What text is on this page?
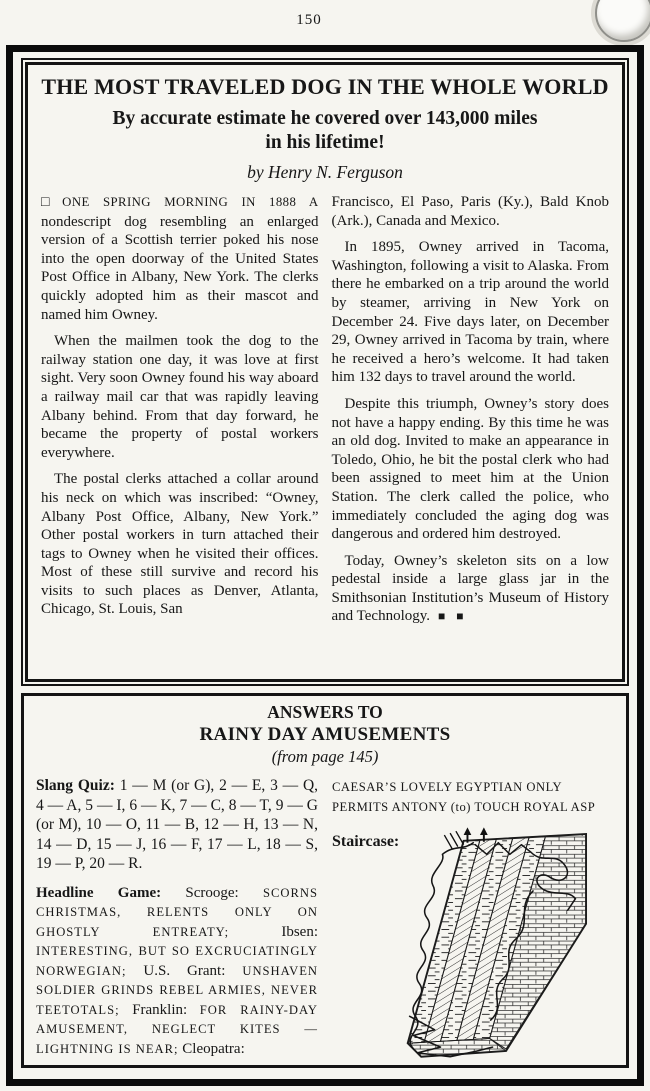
150
THE MOST TRAVELED DOG IN THE WHOLE WORLD
By accurate estimate he covered over 143,000 miles
in his lifetime!
by Henry N. Ferguson

□ ONE SPRING MORNING IN 1888 A nondescript dog resembling an enlarged version of a Scottish terrier poked his nose into the open doorway of the United States Post Office in Albany, New York. The clerks quickly adopted him as their mascot and named him Owney.

When the mailmen took the dog to the railway station one day, it was love at first sight. Very soon Owney found his way aboard a railway mail car that was rapidly leaving Albany behind. From that day forward, he became the property of postal workers everywhere.

The postal clerks attached a collar around his neck on which was inscribed: “Owney, Albany Post Office, Albany, New York.” Other postal workers in turn attached their tags to Owney when he visited their offices. Most of these still survive and record his visits to such places as Denver, Atlanta, Chicago, St. Louis, San

Francisco, El Paso, Paris (Ky.), Bald Knob (Ark.), Canada and Mexico.

In 1895, Owney arrived in Tacoma, Washington, following a visit to Alaska. From there he embarked on a trip around the world by steamer, arriving in New York on December 24. Five days later, on December 29, Owney arrived in Tacoma by train, where he received a hero’s welcome. It had taken him 132 days to travel around the world.

Despite this triumph, Owney’s story does not have a happy ending. By this time he was an old dog. Invited to make an appearance in Toledo, Ohio, he bit the postal clerk who had been assigned to meet him at the Union Station. The clerk called the police, who immediately concluded the aging dog was dangerous and ordered him destroyed.

Today, Owney’s skeleton sits on a low pedestal inside a large glass jar in the Smithsonian Institution’s Museum of History and Technology. ■ ■

ANSWERS TO
RAINY DAY AMUSEMENTS
(from page 145)

Slang Quiz: 1 — M (or G), 2 — E, 3 — Q, 4 — A, 5 — I, 6 — K, 7 — C, 8 — T, 9 — G (or M), 10 — O, 11 — B, 12 — H, 13 — N, 14 — D, 15 — J, 16 — F, 17 — L, 18 — S, 19 — P, 20 — R.

Headline Game: Scrooge: SCORNS CHRISTMAS, RELENTS ONLY ON GHOSTLY ENTREATY;	Ibsen: INTERESTING, BUT SO EXCRUCIATINGLY NORWEGIAN; U.S. Grant: UNSHAVEN SOLDIER GRINDS REBEL ARMIES, NEVER TEETOTALS; Franklin: FOR RAINY-DAY AMUSEMENT, NEGLECT KITES — LIGHTNING IS NEAR; Cleopatra:

CAESAR’S LOVELY EGYPTIAN ONLY PERMITS ANTONY (to) TOUCH ROYAL ASP

Staircase:
